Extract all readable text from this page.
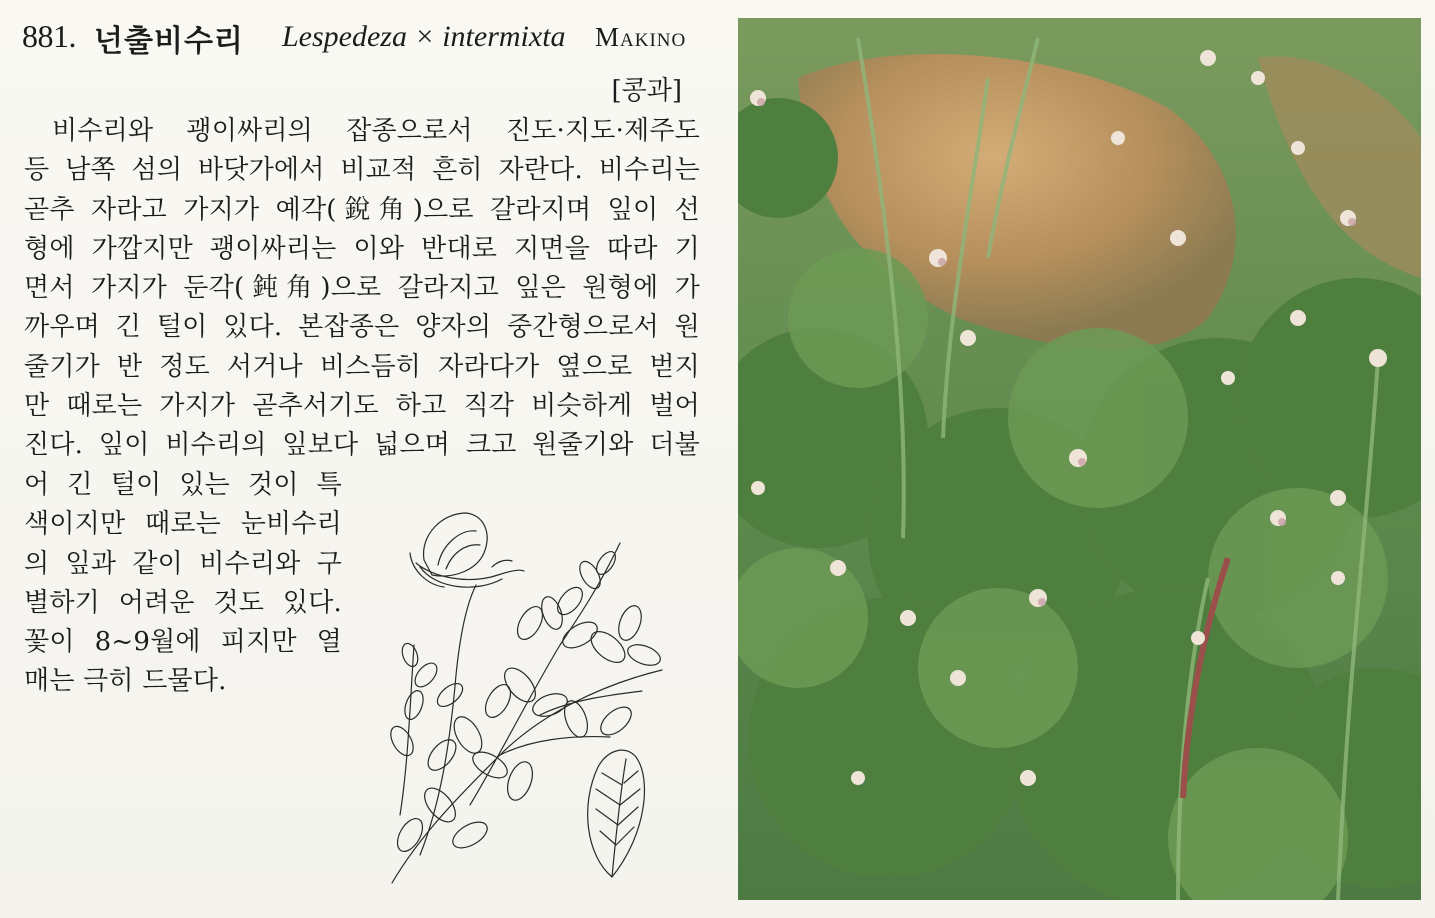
881. 넌출비수리 Lespedeza × intermixta Makino
[콩과]
비수리와 괭이싸리의 잡종으로서 진도·지도·제주도
등 남쪽 섬의 바닷가에서 비교적 흔히 자란다. 비수리는
곧추 자라고 가지가 예각(銳角)으로 갈라지며 잎이 선
형에 가깝지만 괭이싸리는 이와 반대로 지면을 따라 기
면서 가지가 둔각(鈍角)으로 갈라지고 잎은 원형에 가
까우며 긴 털이 있다. 본잡종은 양자의 중간형으로서 원
줄기가 반 정도 서거나 비스듬히 자라다가 옆으로 벋지
만 때로는 가지가 곧추서기도 하고 직각 비슷하게 벌어
진다. 잎이 비수리의 잎보다 넓으며 크고 원줄기와 더불
어 긴 털이 있는 것이 특
색이지만 때로는 눈비수리
의 잎과 같이 비수리와 구
별하기 어려운 것도 있다.
꽃이 8~9월에 피지만 열
매는 극히 드물다.
